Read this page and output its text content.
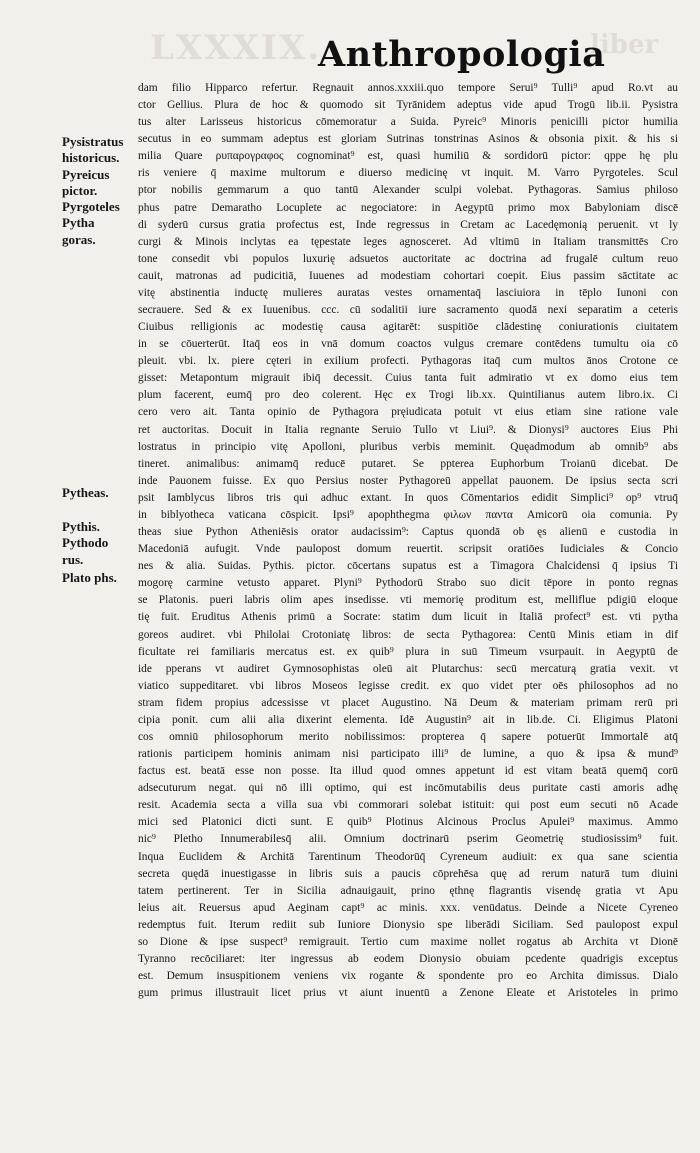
LXXXIX.	liber
Anthropologia

Pysistratus

historicus.

Pyreicus

pictor.

Pyrgoteles

Pytha

goras.

Pytheas.

Pythis.

Pythodo

rus.

Plato phs.

dam filio Hipparco refertur. Regnauit annos.xxxiii.quo tempore Serui⁹ Tulli⁹ apud Ro.vt au
ctor Gellius. Plura de hoc & quomodo sit Tyrānidem adeptus vide apud Trogū lib.ii. Pysistra
tus alter Larisseus historicus cōmemoratur a Suida. Pyreic⁹ Minoris penicilli pictor humilia
secutus in eo summam adeptus est gloriam Sutrinas tonstrinas Asinos & obsonia pixit. & his si
milia Quare ρυπαρογραφος cognominat⁹ est, quasi humiliū & sordidorū pictor: qppe hę plu
ris veniere q̄ maxime multorum e diuerso medicinę vt inquit. M. Varro Pyrgoteles. Scul
ptor nobilis gemmarum a quo tantū Alexander sculpi volebat. Pythagoras. Samius philoso
phus patre Demaratho Locuplete ac negociatore: in Aegyptū primo mox Babyloniam discē
di syderū cursus gratia profectus est, Inde regressus in Cretam ac Lacedęmonią peruenit. vt ly
curgi & Minois inclytas ea tępestate leges agnosceret. Ad vltimū in Italiam transmittēs Cro
tone consedit vbi populos luxurię adsuetos auctoritate ac doctrina ad frugalē cultum reuo
cauit, matronas ad pudicitiā, Iuuenes ad modestiam cohortari coepit. Eius passim sāctitate ac
vitę abstinentia inductę mulieres auratas vestes ornamentaq̄ lasciuiora in tēplo Iunoni con
secrauere. Sed & ex Iuuenibus. ccc. cū sodalitii iure sacramento quodā nexi separatim a ceteris
Ciuibus relligionis ac modestię causa agitarēt: suspitiōe clādestinę coniurationis ciuitatem
in se cōuerterūt. Itaq̄ eos in vnā domum coactos vulgus cremare contēdens tumultu oia cō
pleuit. vbi. lx. piere cęteri in exilium profecti. Pythagoras itaq̄ cum multos ānos Crotone ce
gisset: Metapontum migrauit ibiq̄ decessit. Cuius tanta fuit admiratio vt ex domo eius tem
plum facerent, eumq̄ pro deo colerent. Hęc ex Trogi lib.xx. Quintilianus autem libro.ix. Ci
cero vero ait. Tanta opinio de Pythagora pręiudicata potuit vt eius etiam sine ratione vale
ret auctoritas. Docuit in Italia regnante Seruio Tullo vt Liui⁹. & Dionysi⁹ auctores Eius Phi
lostratus in principio vitę Apolloni, pluribus verbis meminit. Quęadmodum ab omnib⁹ abs
tineret. animalibus: animamq̄ reducē putaret. Se ppterea Euphorbum Troianū dicebat. De
inde Pauonem fuisse. Ex quo Persius noster Pythagoreū appellat pauonem. De ipsius secta scri
psit Iamblycus libros tris qui adhuc extant. In quos Cōmentarios edidit Simplici⁹ op⁹ vtruq̄
in biblyotheca vaticana cōspicit. Ipsi⁹ apophthegma φιλων παντα Amicorū oia comunia. Py
theas siue Python Atheniēsis orator audacissim⁹: Captus quondā ob ęs alienū e custodia in
Macedoniā aufugit. Vnde paulopost domum reuertit. scripsit oratiōes Iudiciales & Concio
nes & alia. Suidas. Pythis. pictor. cōcertans supatus est a Timagora Chalcidensi q̄ ipsius Ti
mogorę carmine vetusto apparet. Plyni⁹ Pythodorū Strabo suo dicit tēpore in ponto regnas
se Platonis. pueri labris olim apes insedisse. vti memorię proditum est, melliflue pdigiū eloque
tię fuit. Eruditus Athenis primū a Socrate: statim dum licuit in Italiā profect⁹ est. vti pytha
goreos audiret. vbi Philolai Crotoniatę libros: de secta Pythagorea: Centū Minis etiam in dif
ficultate rei familiaris mercatus est. ex quib⁹ plura in suū Timeum vsurpauit. in Aegyptū de
ide pperans vt audiret Gymnosophistas oleū ait Plutarchus: secū mercaturą gratia vexit. vt
viatico suppeditaret. vbi libros Moseos legisse credit. ex quo videt pter oēs philosophos ad no
stram fidem propius adcessisse vt placet Augustino. Nā Deum & materiam primam rerū pri
cipia ponit. cum alii alia dixerint elementa. Idē Augustin⁹ ait in lib.de. Ci. Eligimus Platoni
cos omniū philosophorum merito nobilissimos: propterea q̄ sapere potuerūt Immortalē atq̄
rationis participem hominis animam nisi participato illi⁹ de lumine, a quo & ipsa & mund⁹
factus est. beatā esse non posse. Ita illud quod omnes appetunt id est vitam beatā quemq̄ corū
adsecuturum negat. qui nō illi optimo, qui est incōmutabilis deus puritate casti amoris adhę
resit. Academia secta a villa sua vbi commorari solebat istituit: qui post eum secuti nō Acade
mici sed Platonici dicti sunt. E quib⁹ Plotinus Alcinous Proclus Apulei⁹ maximus. Ammo
nic⁹ Pletho Innumerabilesq̄ alii. Omnium doctrinarū pserim Geometrię studiosissim⁹ fuit.
Inqua Euclidem & Architā Tarentinum Theodorūq̄ Cyreneum audiuit: ex qua sane scientia
secreta quędā inuestigasse in libris suis a paucis cōprehēsa quę ad rerum naturā tum diuini
tatem pertinerent. Ter in Sicilia adnauigauit, prino ęthnę flagrantis visendę gratia vt Apu
leius ait. Reuersus apud Aeginam capt⁹ ac minis. xxx. venūdatus. Deinde a Nicete Cyreneo
redemptus fuit. Iterum rediit sub Iuniore Dionysio spe liberādi Siciliam. Sed paulopost expul
so Dione & ipse suspect⁹ remigrauit. Tertio cum maxime nollet rogatus ab Archita vt Dionē
Tyranno recōciliaret: iter ingressus ab eodem Dionysio obuiam pcedente quadrigis exceptus
est. Demum insuspitionem veniens vix rogante & spondente pro eo Archita dimissus. Dialo
gum primus illustrauit licet prius vt aiunt inuentū a Zenone Eleate et Aristoteles in primo
